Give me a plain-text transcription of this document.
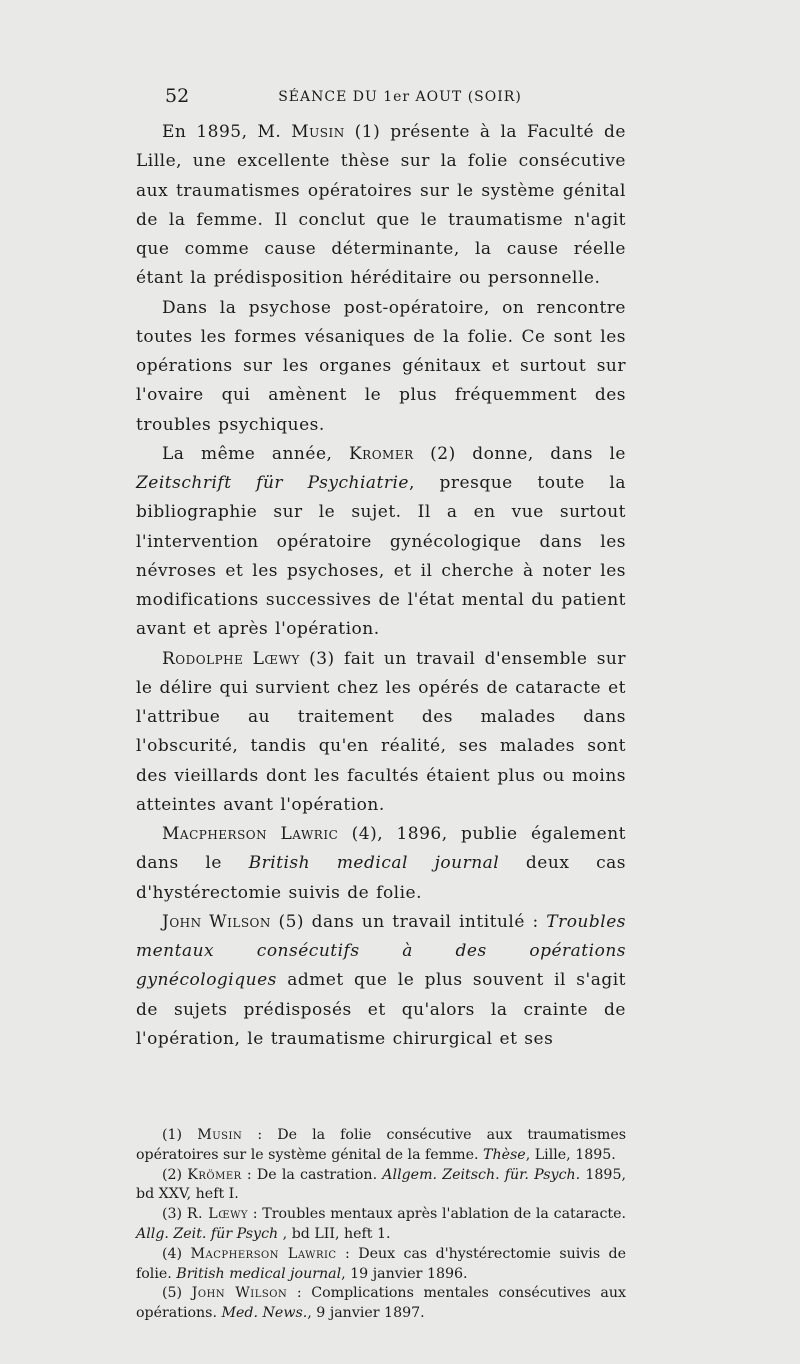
52	SÉANCE DU 1er AOUT (SOIR)

En 1895, M. Musin (1) présente à la Faculté de Lille, une excellente thèse sur la folie consécutive aux traumatismes opératoires sur le système génital de la femme. Il conclut que le traumatisme n'agit que comme cause déterminante, la cause réelle étant la prédisposition héréditaire ou personnelle.

Dans la psychose post-opératoire, on rencontre toutes les formes vésaniques de la folie. Ce sont les opérations sur les organes génitaux et surtout sur l'ovaire qui amènent le plus fréquemment des troubles psychiques.

La même année, Kromer (2) donne, dans le Zeitschrift für Psychiatrie, presque toute la bibliographie sur le sujet. Il a en vue surtout l'intervention opératoire gynécologique dans les névroses et les psychoses, et il cherche à noter les modifications successives de l'état mental du patient avant et après l'opération.

Rodolphe Lœwy (3) fait un travail d'ensemble sur le délire qui survient chez les opérés de cataracte et l'attribue au traitement des malades dans l'obscurité, tandis qu'en réalité, ses malades sont des vieillards dont les facultés étaient plus ou moins atteintes avant l'opération.

Macpherson Lawric (4), 1896, publie également dans le British medical journal deux cas d'hystérectomie suivis de folie.

John Wilson (5) dans un travail intitulé : Troubles mentaux consécutifs à des opérations gynécologiques admet que le plus souvent il s'agit de sujets prédisposés et qu'alors la crainte de l'opération, le traumatisme chirurgical et ses

(1) Musin : De la folie consécutive aux traumatismes opératoires sur le système génital de la femme. Thèse, Lille, 1895.

(2) Krömer : De la castration. Allgem. Zeitsch. für. Psych. 1895, bd XXV, heft I.

(3) R. Lœwy : Troubles mentaux après l'ablation de la cataracte. Allg. Zeit. für Psych , bd LII, heft 1.

(4) Macpherson Lawric : Deux cas d'hystérectomie suivis de folie. British medical journal, 19 janvier 1896.

(5) John Wilson : Complications mentales consécutives aux opérations. Med. News., 9 janvier 1897.
